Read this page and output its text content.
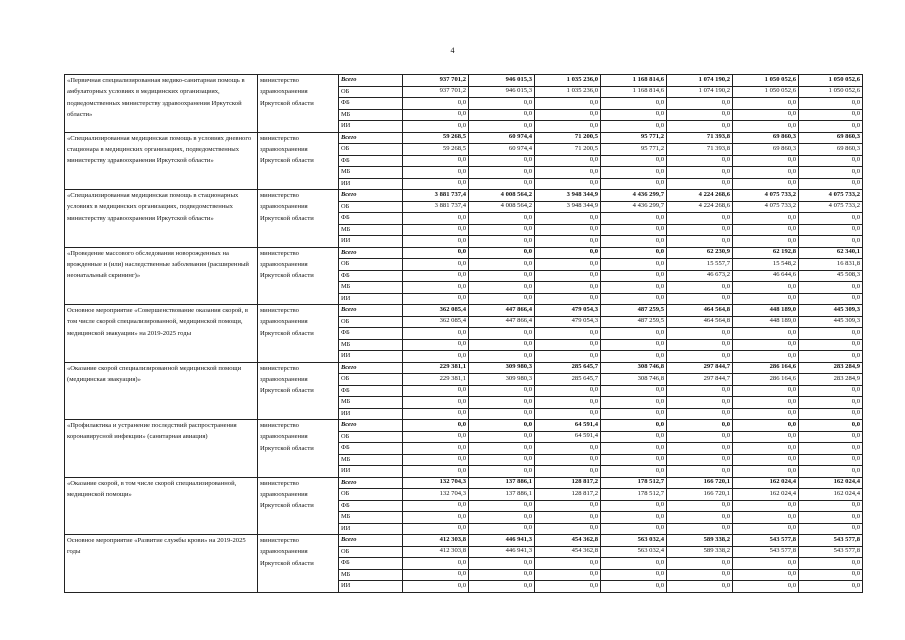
4
«Первичная специализированная медико-санитарная помощь в амбулаторных условиях в медицинских организациях, подведомственных министерству здравоохранения Иркутской области»	министерство здравоохранения Иркутской области	Всего	937 701,2	946 015,3	1 035 236,0	1 168 814,6	1 074 190,2	1 050 052,6	1 050 052,6
		ОБ	937 701,2	946 015,3	1 035 236,0	1 168 814,6	1 074 190,2	1 050 052,6	1 050 052,6
		ФБ	0,0	0,0	0,0	0,0	0,0	0,0	0,0
		МБ	0,0	0,0	0,0	0,0	0,0	0,0	0,0
		ИИ	0,0	0,0	0,0	0,0	0,0	0,0	0,0
«Специализированная медицинская помощь в условиях дневного стационара в медицинских организациях, подведомственных министерству здравоохранения Иркутской области»	министерство здравоохранения Иркутской области	Всего	59 268,5	60 974,4	71 200,5	95 771,2	71 393,8	69 860,3	69 860,3
		ОБ	59 268,5	60 974,4	71 200,5	95 771,2	71 393,8	69 860,3	69 860,3
		ФБ	0,0	0,0	0,0	0,0	0,0	0,0	0,0
		МБ	0,0	0,0	0,0	0,0	0,0	0,0	0,0
		ИИ	0,0	0,0	0,0	0,0	0,0	0,0	0,0
«Специализированная медицинская помощь в стационарных условиях в медицинских организациях, подведомственных министерству здравоохранения Иркутской области»	министерство здравоохранения Иркутской области	Всего	3 881 737,4	4 008 564,2	3 948 344,9	4 436 299,7	4 224 268,6	4 075 733,2	4 075 733,2
		ОБ	3 881 737,4	4 008 564,2	3 948 344,9	4 436 299,7	4 224 268,6	4 075 733,2	4 075 733,2
		ФБ	0,0	0,0	0,0	0,0	0,0	0,0	0,0
		МБ	0,0	0,0	0,0	0,0	0,0	0,0	0,0
		ИИ	0,0	0,0	0,0	0,0	0,0	0,0	0,0
«Проведение массового обследования новорожденных на врожденные и (или) наследственные заболевания (расширенный неонатальный скрининг)»	министерство здравоохранения Иркутской области	Всего	0,0	0,0	0,0	0,0	62 230,9	62 192,8	62 340,1
		ОБ	0,0	0,0	0,0	0,0	15 557,7	15 548,2	16 831,8
		ФБ	0,0	0,0	0,0	0,0	46 673,2	46 644,6	45 508,3
		МБ	0,0	0,0	0,0	0,0	0,0	0,0	0,0
		ИИ	0,0	0,0	0,0	0,0	0,0	0,0	0,0
Основное мероприятие «Совершенствование оказания скорой, в том числе скорой специализированной, медицинской помощи, медицинской эвакуации» на 2019-2025 годы	министерство здравоохранения Иркутской области	Всего	362 085,4	447 866,4	479 054,3	487 259,5	464 564,8	448 189,0	445 309,3
		ОБ	362 085,4	447 866,4	479 054,3	487 259,5	464 564,8	448 189,0	445 309,3
		ФБ	0,0	0,0	0,0	0,0	0,0	0,0	0,0
		МБ	0,0	0,0	0,0	0,0	0,0	0,0	0,0
		ИИ	0,0	0,0	0,0	0,0	0,0	0,0	0,0
«Оказание скорой специализированной медицинской помощи (медицинская эвакуация)»	министерство здравоохранения Иркутской области	Всего	229 381,1	309 980,3	285 645,7	308 746,8	297 844,7	286 164,6	283 284,9
		ОБ	229 381,1	309 980,3	285 645,7	308 746,8	297 844,7	286 164,6	283 284,9
		ФБ	0,0	0,0	0,0	0,0	0,0	0,0	0,0
		МБ	0,0	0,0	0,0	0,0	0,0	0,0	0,0
		ИИ	0,0	0,0	0,0	0,0	0,0	0,0	0,0
«Профилактика и устранение последствий распространения коронавирусной инфекции» (санитарная авиация)	министерство здравоохранения Иркутской области	Всего	0,0	0,0	64 591,4	0,0	0,0	0,0	0,0
		ОБ	0,0	0,0	64 591,4	0,0	0,0	0,0	0,0
		ФБ	0,0	0,0	0,0	0,0	0,0	0,0	0,0
		МБ	0,0	0,0	0,0	0,0	0,0	0,0	0,0
		ИИ	0,0	0,0	0,0	0,0	0,0	0,0	0,0
«Оказание скорой, в том числе скорой специализированной, медицинской помощи»	министерство здравоохранения Иркутской области	Всего	132 704,3	137 886,1	128 817,2	178 512,7	166 720,1	162 024,4	162 024,4
		ОБ	132 704,3	137 886,1	128 817,2	178 512,7	166 720,1	162 024,4	162 024,4
		ФБ	0,0	0,0	0,0	0,0	0,0	0,0	0,0
		МБ	0,0	0,0	0,0	0,0	0,0	0,0	0,0
		ИИ	0,0	0,0	0,0	0,0	0,0	0,0	0,0
Основное мероприятие «Развитие службы крови» на 2019-2025 годы	министерство здравоохранения Иркутской области	Всего	412 303,8	446 941,3	454 362,8	563 032,4	589 338,2	543 577,8	543 577,8
		ОБ	412 303,8	446 941,3	454 362,8	563 032,4	589 338,2	543 577,8	543 577,8
		ФБ	0,0	0,0	0,0	0,0	0,0	0,0	0,0
		МБ	0,0	0,0	0,0	0,0	0,0	0,0	0,0
		ИИ	0,0	0,0	0,0	0,0	0,0	0,0	0,0
